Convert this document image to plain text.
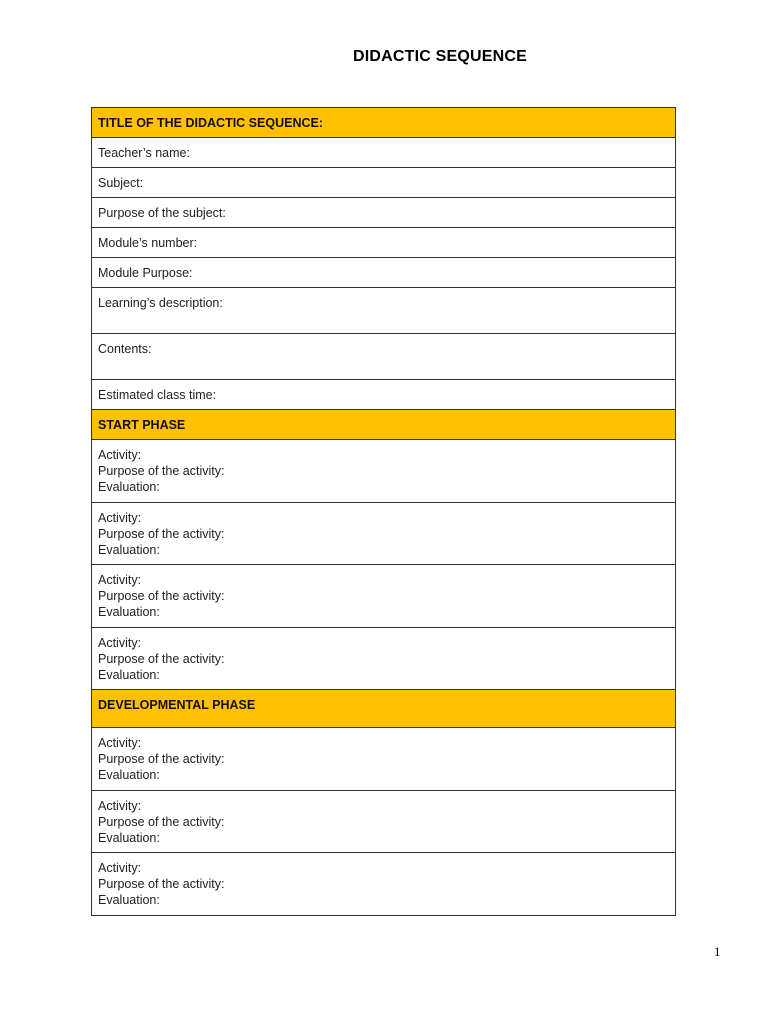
DIDACTIC SEQUENCE
TITLE OF THE DIDACTIC SEQUENCE:
Teacher’s name:
Subject:
Purpose of the subject:
Module’s number:
Module Purpose:
Learning’s description:
Contents:
Estimated class time:
START PHASE

Activity:
Purpose of the activity:
Evaluation:

Activity:
Purpose of the activity:
Evaluation:

Activity:
Purpose of the activity:
Evaluation:

Activity:
Purpose of the activity:
Evaluation:

DEVELOPMENTAL PHASE

Activity:
Purpose of the activity:
Evaluation:

Activity:
Purpose of the activity:
Evaluation:

Activity:
Purpose of the activity:
Evaluation:
1
